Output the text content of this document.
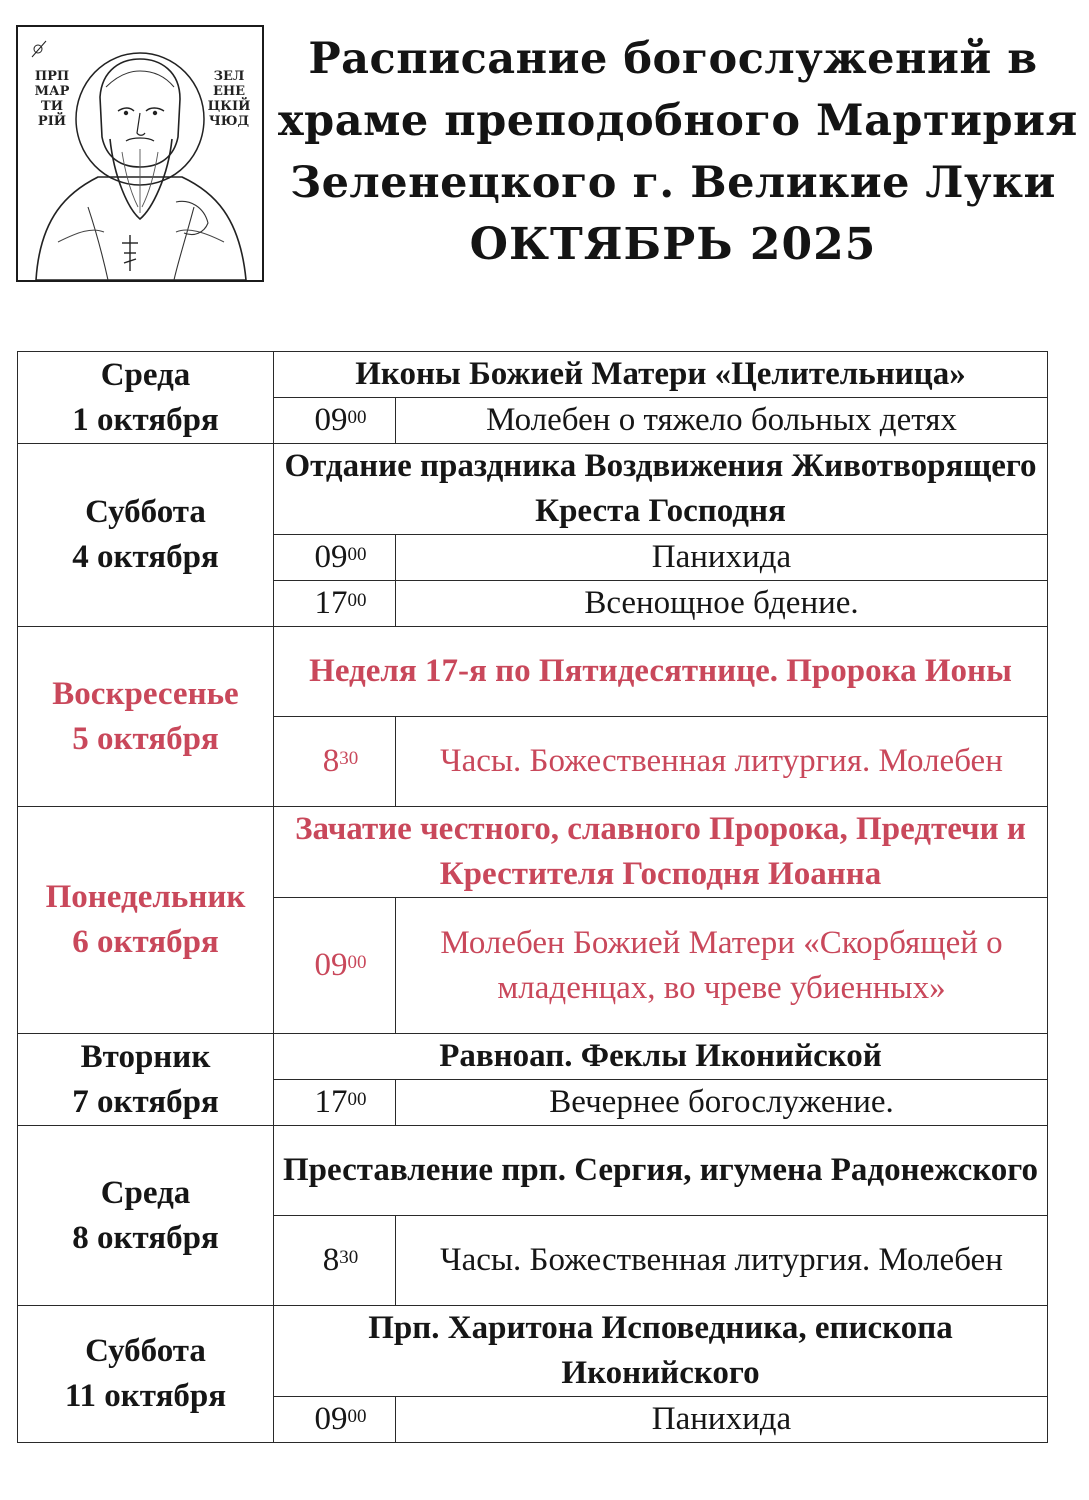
ПРП МАР ТИ РІЙ
ЗЕЛ ЕНЕ ЦКІЙ ЧЮД
Расписание богослужений в
храме преподобного Мартирия
Зеленецкого г. Великие Луки
ОКТЯБРЬ 2025
Среда
1 октября	Иконы Божией Матери «Целительница»	
	$09^{00}$	Молебен о тяжело больных детях

Суббота
4 октября	Отдание праздника Воздвижения Животворящего Креста Господня	
	$09^{00}$	Панихида
	$17^{00}$	Всенощное бдение.

Воскресенье
5 октября	Неделя 17-я по Пятидесятнице. Пророка Ионы	
	$8^{30}$	Часы. Божественная литургия. Молебен

Понедельник
6 октября	Зачатие честного, славного Пророка, Предтечи и Крестителя Господня Иоанна	
	$09^{00}$	Молебен Божией Матери «Скорбящей о младенцах, во чреве убиенных»

Вторник
7 октября	Равноап. Феклы Иконийской	
	$17^{00}$	Вечернее богослужение.

Среда
8 октября	Преставление прп. Сергия, игумена Радонежского	
	$8^{30}$	Часы. Божественная литургия. Молебен

Суббота
11 октября	Прп. Харитона Исповедника, епископа Иконийского	
	$09^{00}$	Панихида
